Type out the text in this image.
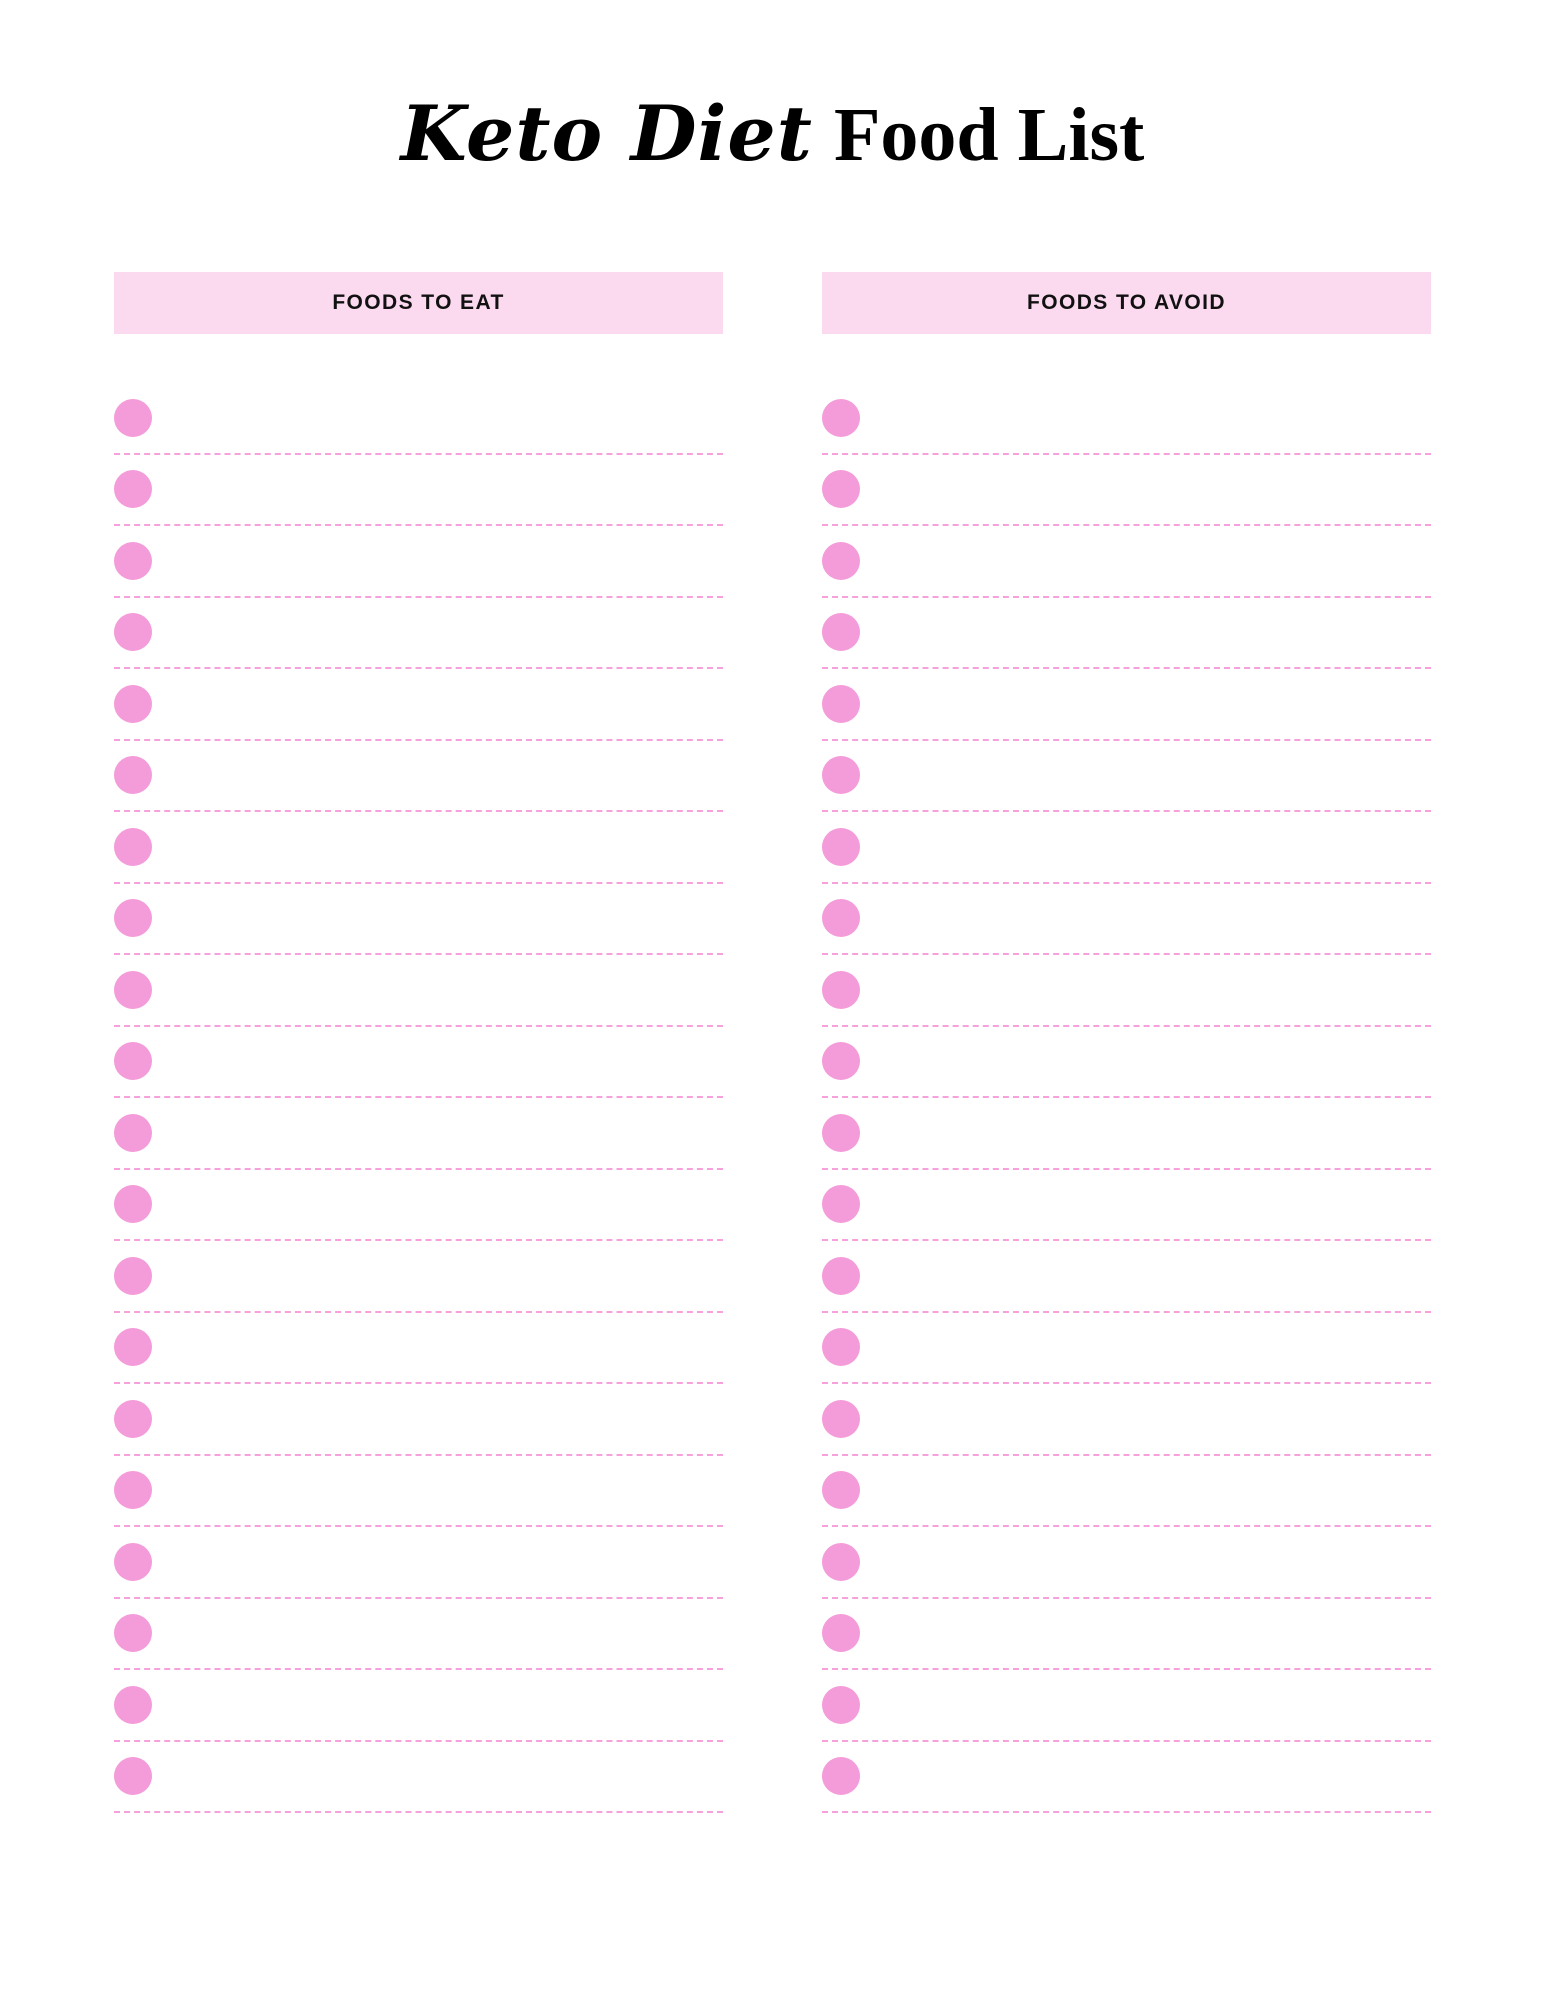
Keto Diet Food List
FOODS TO EAT	FOODS TO AVOID
